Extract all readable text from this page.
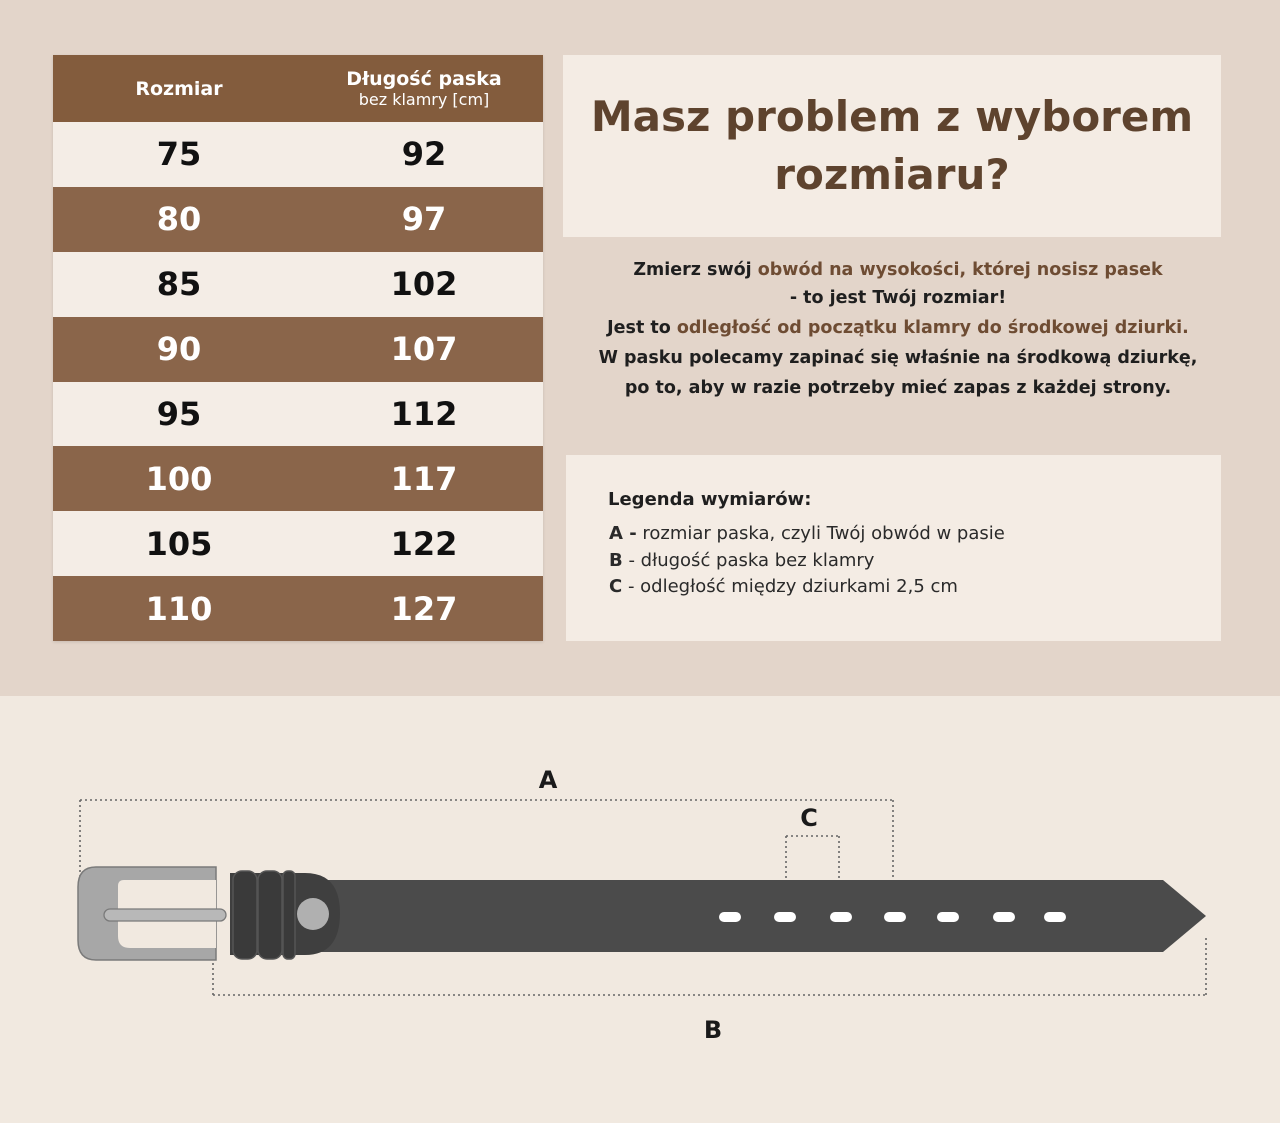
Rozmiar	Długość paska
bez klamry [cm]
75	92
80	97
85	102
90	107
95	112
100	117
105	122
110	127
Masz problem z wyborem
rozmiaru?
Zmierz swój obwód na wysokości, której nosisz pasek
- to jest Twój rozmiar!
Jest to odległość od początku klamry do środkowej dziurki.
W pasku polecamy zapinać się właśnie na środkową dziurkę,
po to, aby w razie potrzeby mieć zapas z każdej strony.
Legenda wymiarów:
A - rozmiar paska, czyli Twój obwód w pasie
B - długość paska bez klamry
C - odległość między dziurkami 2,5 cm
A
C
B
